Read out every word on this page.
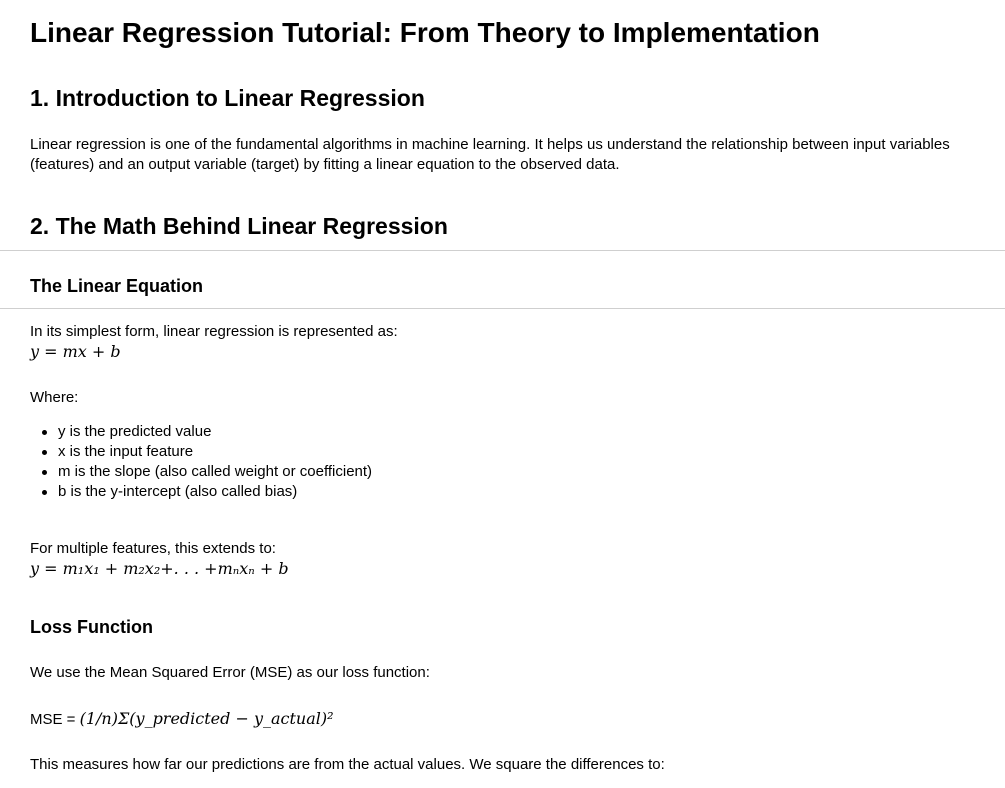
Linear Regression Tutorial: From Theory to Implementation
1. Introduction to Linear Regression
Linear regression is one of the fundamental algorithms in machine learning. It helps us understand the relationship between input variables (features) and an output variable (target) by fitting a linear equation to the observed data.
2. The Math Behind Linear Regression
The Linear Equation
In its simplest form, linear regression is represented as:
y = mx + b
Where:
y is the predicted value
x is the input feature
m is the slope (also called weight or coefficient)
b is the y-intercept (also called bias)
For multiple features, this extends to:
y = m₁x₁ + m₂x₂+. . . +mₙxₙ + b
Loss Function
We use the Mean Squared Error (MSE) as our loss function:
MSE = (1/n)Σ(y_predicted − y_actual)²
This measures how far our predictions are from the actual values. We square the differences to:
